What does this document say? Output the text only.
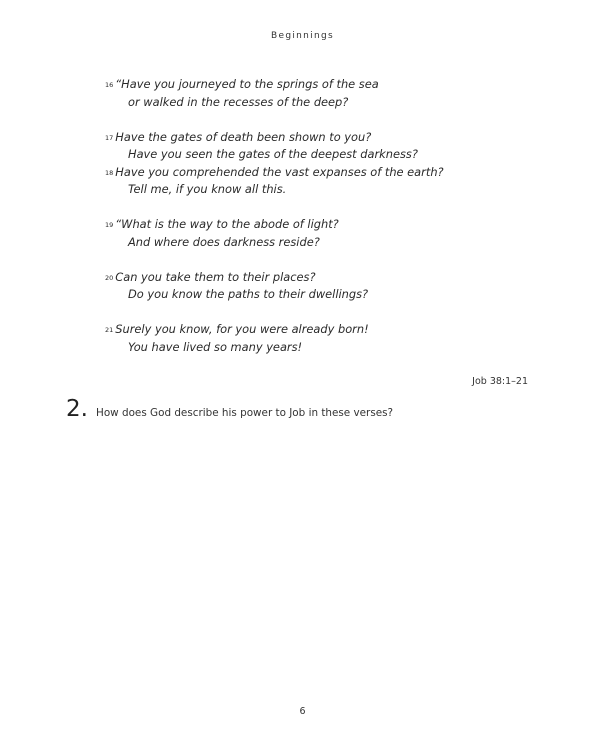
Beginnings
$^{16}$ “Have you journeyed to the springs of the sea
or walked in the recesses of the deep?
$^{17}$ Have the gates of death been shown to you?
Have you seen the gates of the deepest darkness?
$^{18}$ Have you comprehended the vast expanses of the earth?
Tell me, if you know all this.
$^{19}$ “What is the way to the abode of light?
And where does darkness reside?
$^{20}$ Can you take them to their places?
Do you know the paths to their dwellings?
$^{21}$ Surely you know, for you were already born!
You have lived so many years!
Job 38:1–21
2. How does God describe his power to Job in these verses?
6
